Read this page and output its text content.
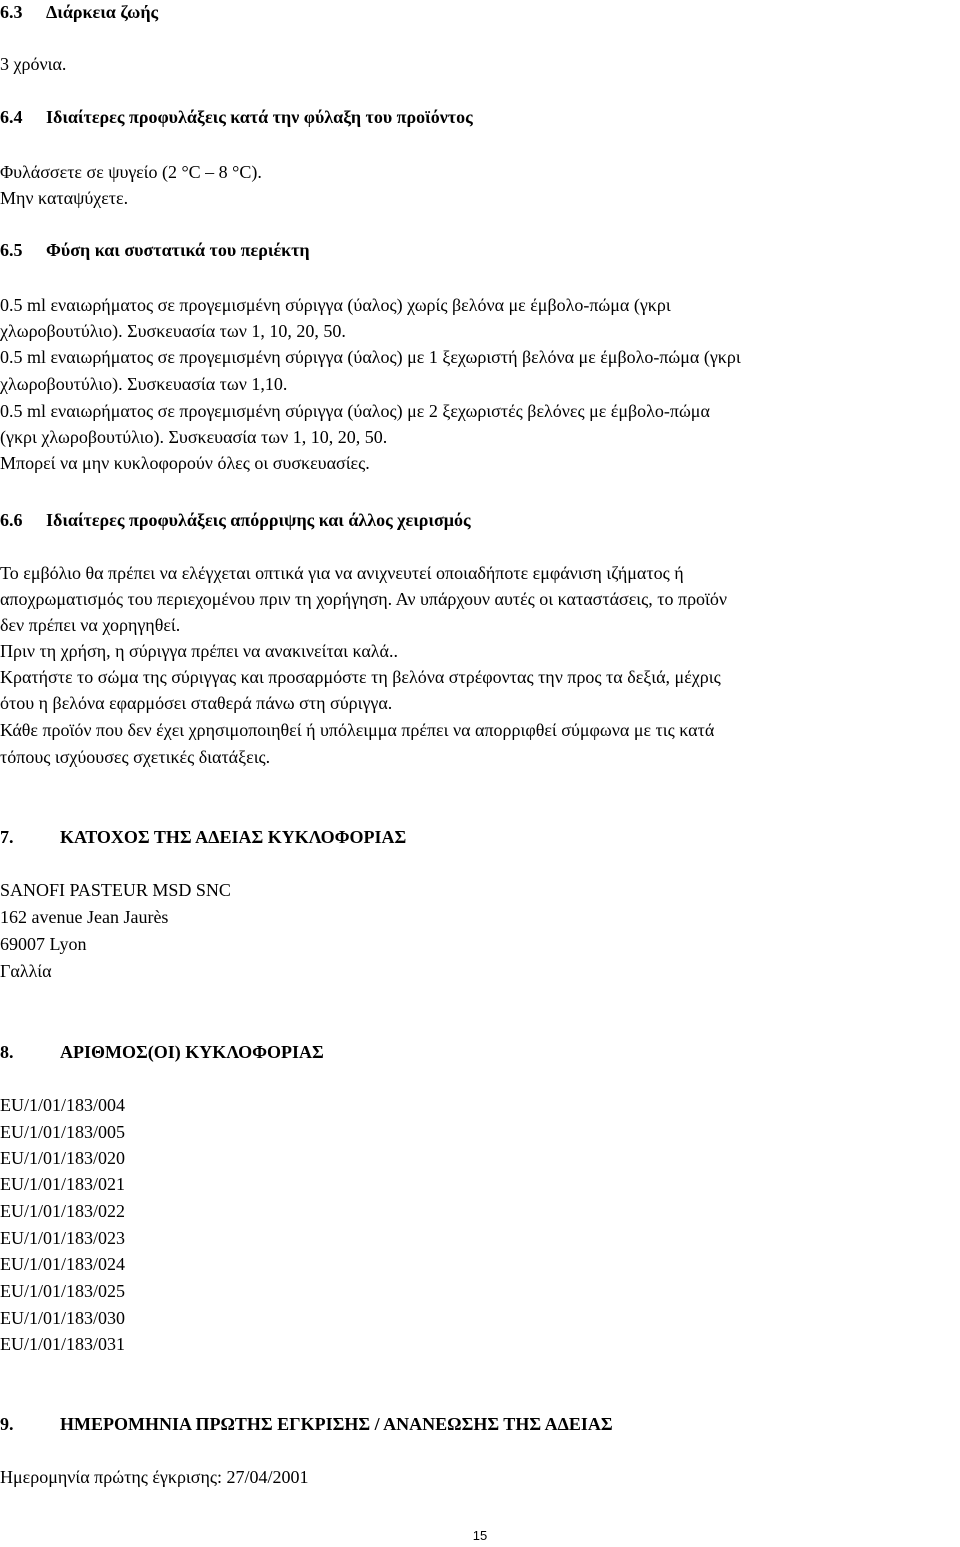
6.3 Διάρκεια ζωής
3 χρόνια.
6.4 Ιδιαίτερες προφυλάξεις κατά την φύλαξη του προϊόντος
Φυλάσσετε σε ψυγείο (2 °C – 8 °C).
Μην καταψύχετε.
6.5 Φύση και συστατικά του περιέκτη
0.5 ml εναιωρήματος σε προγεμισμένη σύριγγα (ύαλος) χωρίς βελόνα με έμβολο-πώμα (γκρι
χλωροβουτύλιο). Συσκευασία των 1, 10, 20, 50.
0.5 ml εναιωρήματος σε προγεμισμένη σύριγγα (ύαλος) με 1 ξεχωριστή βελόνα με έμβολο-πώμα (γκρι
χλωροβουτύλιο). Συσκευασία των 1,10.
0.5 ml εναιωρήματος σε προγεμισμένη σύριγγα (ύαλος) με 2 ξεχωριστές βελόνες με έμβολο-πώμα
(γκρι χλωροβουτύλιο). Συσκευασία των 1, 10, 20, 50.
Μπορεί να μην κυκλοφορούν όλες οι συσκευασίες.
6.6 Ιδιαίτερες προφυλάξεις απόρριψης και άλλος χειρισμός
Το εμβόλιο θα πρέπει να ελέγχεται οπτικά για να ανιχνευτεί οποιαδήποτε εμφάνιση ιζήματος ή
αποχρωματισμός του περιεχομένου πριν τη χορήγηση. Αν υπάρχουν αυτές οι καταστάσεις, το προϊόν
δεν πρέπει να χορηγηθεί.
Πριν τη χρήση, η σύριγγα πρέπει να ανακινείται καλά..
Κρατήστε το σώμα της σύριγγας και προσαρμόστε τη βελόνα στρέφοντας την προς τα δεξιά, μέχρις
ότου η βελόνα εφαρμόσει σταθερά πάνω στη σύριγγα.
Κάθε προϊόν που δεν έχει χρησιμοποιηθεί ή υπόλειμμα πρέπει να απορριφθεί σύμφωνα με τις κατά
τόπους ισχύουσες σχετικές διατάξεις.
7.	ΚΑΤΟΧΟΣ ΤΗΣ ΑΔΕΙΑΣ ΚΥΚΛΟΦΟΡΙΑΣ
SANOFI PASTEUR MSD SNC
162 avenue Jean Jaurès
69007 Lyon
Γαλλία
8.	ΑΡΙΘΜΟΣ(ΟΙ) ΚΥΚΛΟΦΟΡΙΑΣ
EU/1/01/183/004
EU/1/01/183/005
EU/1/01/183/020
EU/1/01/183/021
EU/1/01/183/022
EU/1/01/183/023
EU/1/01/183/024
EU/1/01/183/025
EU/1/01/183/030
EU/1/01/183/031
9.	ΗΜΕΡΟΜΗΝΙΑ ΠΡΩΤΗΣ ΕΓΚΡΙΣΗΣ / ΑΝΑΝΕΩΣΗΣ ΤΗΣ ΑΔΕΙΑΣ
Ημερομηνία πρώτης έγκρισης: 27/04/2001
15
